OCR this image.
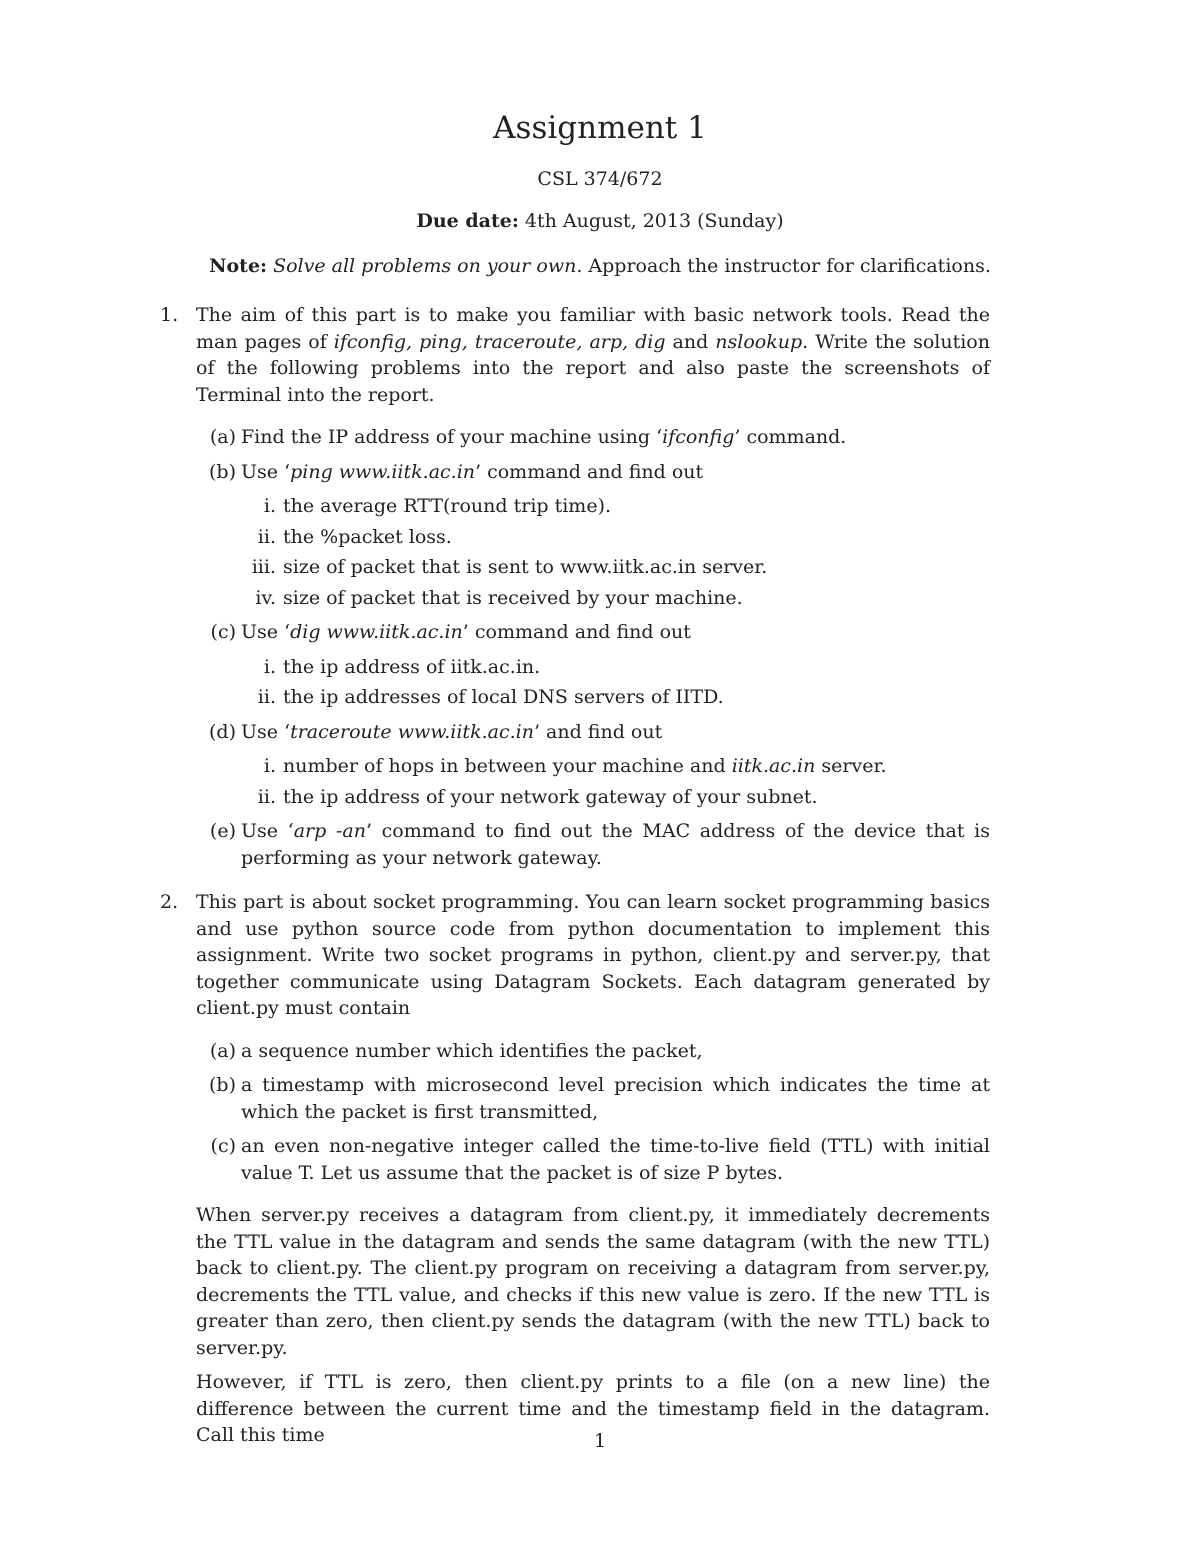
Assignment 1
CSL 374/672
Due date: 4th August, 2013 (Sunday)
Note: Solve all problems on your own. Approach the instructor for clarifications.
1. The aim of this part is to make you familiar with basic network tools. Read the man pages of ifconfig, ping, traceroute, arp, dig and nslookup. Write the solution of the following problems into the report and also paste the screenshots of Terminal into the report.
(a) Find the IP address of your machine using ‘ifconfig’ command.
(b) Use ‘ping www.iitk.ac.in’ command and find out
i. the average RTT(round trip time).
ii. the %packet loss.
iii. size of packet that is sent to www.iitk.ac.in server.
iv. size of packet that is received by your machine.
(c) Use ‘dig www.iitk.ac.in’ command and find out
i. the ip address of iitk.ac.in.
ii. the ip addresses of local DNS servers of IITD.
(d) Use ‘traceroute www.iitk.ac.in’ and find out
i. number of hops in between your machine and iitk.ac.in server.
ii. the ip address of your network gateway of your subnet.
(e) Use ‘arp -an’ command to find out the MAC address of the device that is performing as your network gateway.
2. This part is about socket programming. You can learn socket programming basics and use python source code from python documentation to implement this assignment. Write two socket programs in python, client.py and server.py, that together communicate using Datagram Sockets. Each datagram generated by client.py must contain
(a) a sequence number which identifies the packet,
(b) a timestamp with microsecond level precision which indicates the time at which the packet is first transmitted,
(c) an even non-negative integer called the time-to-live field (TTL) with initial value T. Let us assume that the packet is of size P bytes.
When server.py receives a datagram from client.py, it immediately decrements the TTL value in the datagram and sends the same datagram (with the new TTL) back to client.py. The client.py program on receiving a datagram from server.py, decrements the TTL value, and checks if this new value is zero. If the new TTL is greater than zero, then client.py sends the datagram (with the new TTL) back to server.py.
However, if TTL is zero, then client.py prints to a file (on a new line) the difference between the current time and the timestamp field in the datagram. Call this time	1
